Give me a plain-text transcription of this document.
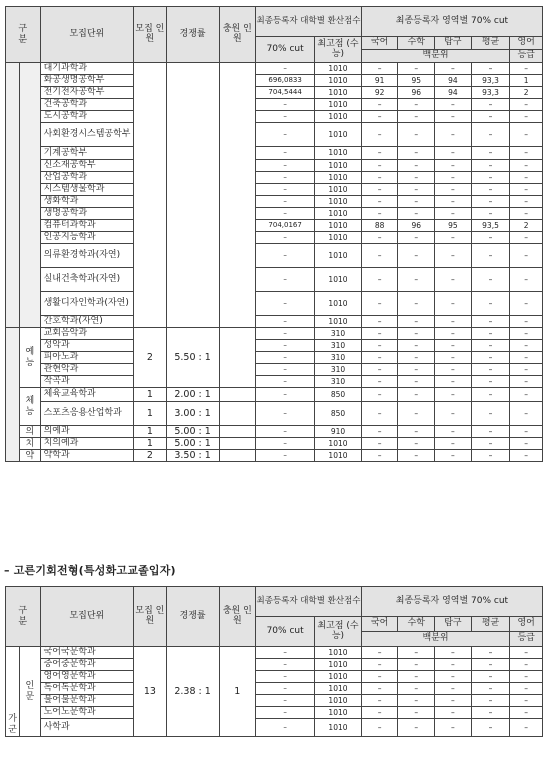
구 분		모집단위	모집 인원	경쟁률	충원 인원	최종등록자 대학별 환산점수		최종등록자 영역별 70% cut				
						70% cut	최고점 (수능)	국어	수학	탐구	평균	영어
								백분위				등급
		대기과학과				–	1010	–	–	–	–	–
		화공생명공학부				696,0833	1010	91	95	94	93,3	1
		전기전자공학부				704,5444	1010	92	96	94	93,3	2
		건축공학과				–	1010	–	–	–	–	–
		도시공학과				–	1010	–	–	–	–	–
		사회환경시스템공학부				–	1010	–	–	–	–	–
		기계공학부				–	1010	–	–	–	–	–
		신소재공학부				–	1010	–	–	–	–	–
		산업공학과				–	1010	–	–	–	–	–
		시스템생물학과				–	1010	–	–	–	–	–
		생화학과				–	1010	–	–	–	–	–
		생명공학과				–	1010	–	–	–	–	–
		컴퓨터과학과				704,0167	1010	88	96	95	93,5	2
		인공지능학과				–	1010	–	–	–	–	–
		의류환경학과(자연)				–	1010	–	–	–	–	–
		실내건축학과(자연)				–	1010	–	–	–	–	–
		생활디자인학과(자연)				–	1010	–	–	–	–	–
		간호학과(자연)				–	1010	–	–	–	–	–
	예 능	교회음악과	2	5.50 : 1		–	310	–	–	–	–	–
		성악과				–	310	–	–	–	–	–
		피아노과				–	310	–	–	–	–	–
		관현악과				–	310	–	–	–	–	–
		작곡과				–	310	–	–	–	–	–
	체 능	체육교육학과	1	2.00 : 1		–	850	–	–	–	–	–
		스포츠응용산업학과	1	3.00 : 1		–	850	–	–	–	–	–
	의	의예과	1	5.00 : 1		–	910	–	–	–	–	–
	치	치의예과	1	5.00 : 1		–	1010	–	–	–	–	–
	약	약학과	2	3.50 : 1		–	1010	–	–	–	–	–
– 고른기회전형(특성화고교졸입자)
구 분		모집단위	모집 인원	경쟁률	충원 인원	최종등록자 대학별 환산점수		최종등록자 영역별 70% cut				
						70% cut	최고점 (수능)	국어	수학	탐구	평균	영어
								백분위				등급
가 군	인 문	국어국문학과	13	2.38 : 1	1	–	1010	–	–	–	–	–
		중어중문학과				–	1010	–	–	–	–	–
		영어영문학과				–	1010	–	–	–	–	–
		독어독문학과				–	1010	–	–	–	–	–
		불어불문학과				–	1010	–	–	–	–	–
		노어노문학과				–	1010	–	–	–	–	–
		사학과				–	1010	–	–	–	–	–
